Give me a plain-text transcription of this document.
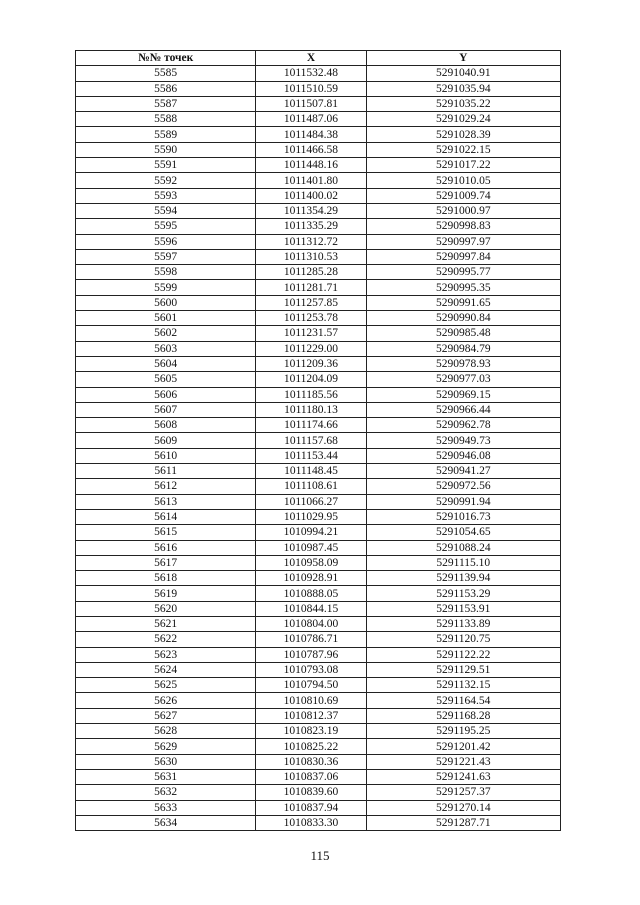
№№ точек	X	Y
5585	1011532.48	5291040.91
5586	1011510.59	5291035.94
5587	1011507.81	5291035.22
5588	1011487.06	5291029.24
5589	1011484.38	5291028.39
5590	1011466.58	5291022.15
5591	1011448.16	5291017.22
5592	1011401.80	5291010.05
5593	1011400.02	5291009.74
5594	1011354.29	5291000.97
5595	1011335.29	5290998.83
5596	1011312.72	5290997.97
5597	1011310.53	5290997.84
5598	1011285.28	5290995.77
5599	1011281.71	5290995.35
5600	1011257.85	5290991.65
5601	1011253.78	5290990.84
5602	1011231.57	5290985.48
5603	1011229.00	5290984.79
5604	1011209.36	5290978.93
5605	1011204.09	5290977.03
5606	1011185.56	5290969.15
5607	1011180.13	5290966.44
5608	1011174.66	5290962.78
5609	1011157.68	5290949.73
5610	1011153.44	5290946.08
5611	1011148.45	5290941.27
5612	1011108.61	5290972.56
5613	1011066.27	5290991.94
5614	1011029.95	5291016.73
5615	1010994.21	5291054.65
5616	1010987.45	5291088.24
5617	1010958.09	5291115.10
5618	1010928.91	5291139.94
5619	1010888.05	5291153.29
5620	1010844.15	5291153.91
5621	1010804.00	5291133.89
5622	1010786.71	5291120.75
5623	1010787.96	5291122.22
5624	1010793.08	5291129.51
5625	1010794.50	5291132.15
5626	1010810.69	5291164.54
5627	1010812.37	5291168.28
5628	1010823.19	5291195.25
5629	1010825.22	5291201.42
5630	1010830.36	5291221.43
5631	1010837.06	5291241.63
5632	1010839.60	5291257.37
5633	1010837.94	5291270.14
5634	1010833.30	5291287.71
115
